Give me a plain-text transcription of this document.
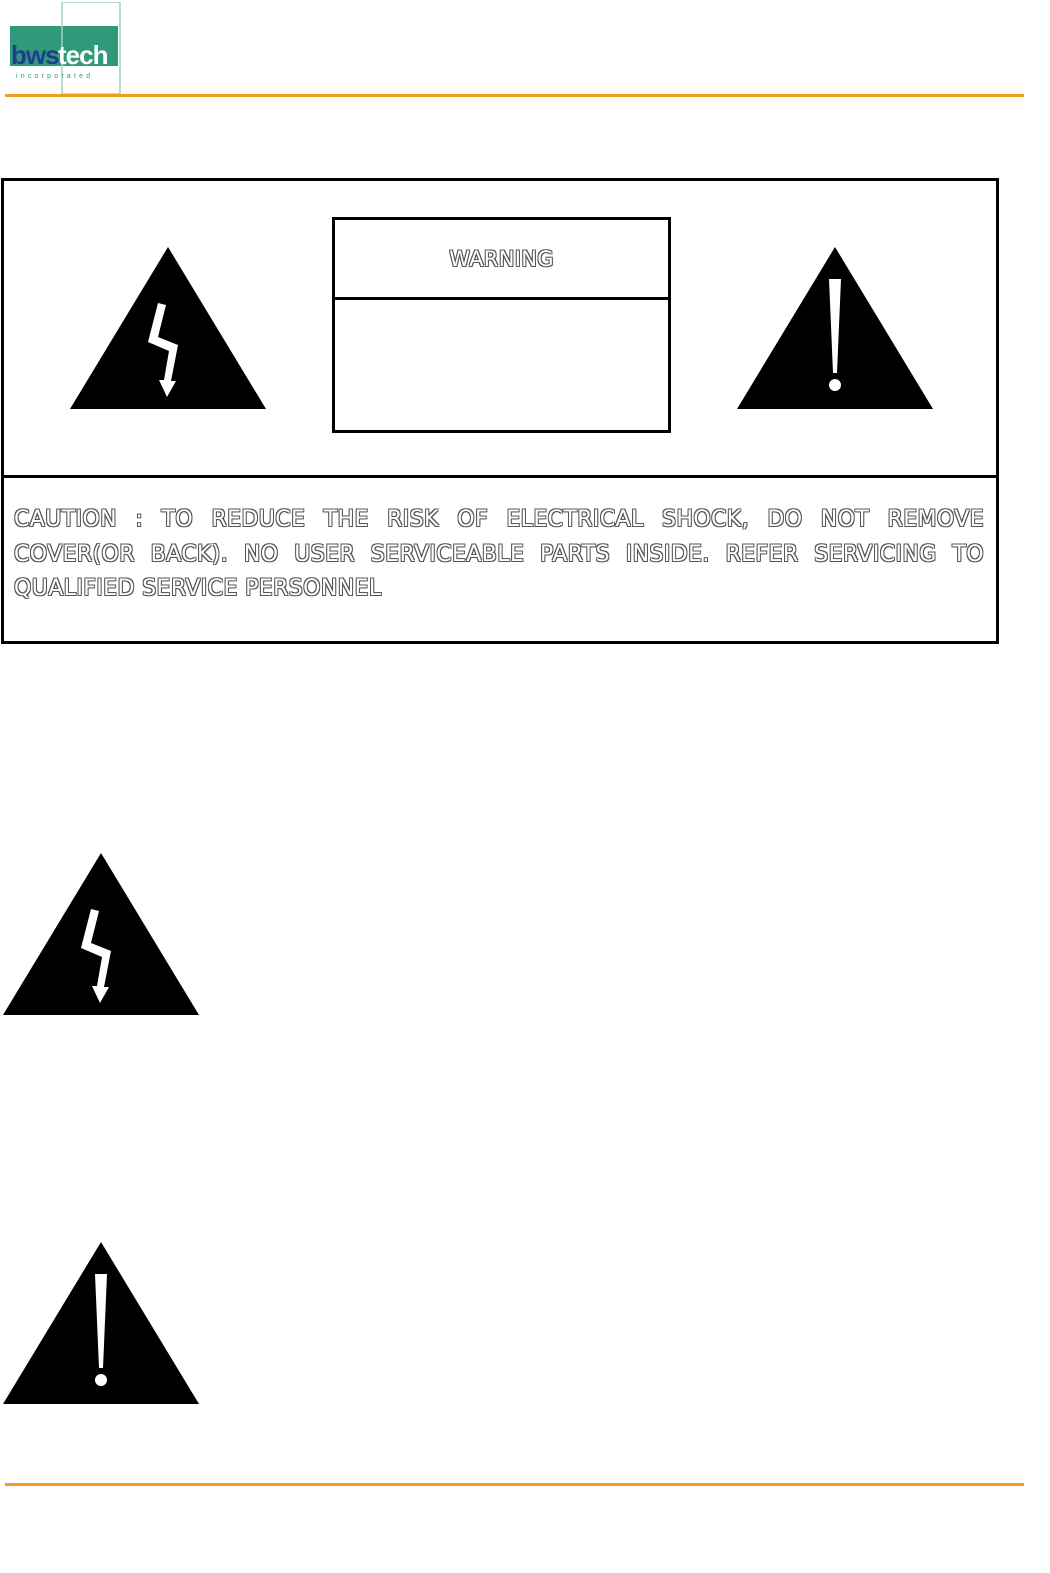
bws tech
incorporated
WARNING
CAUTION : TO REDUCE THE RISK OF ELECTRICAL SHOCK, DO NOT REMOVE COVER(OR BACK). NO USER SERVICEABLE PARTS INSIDE. REFER SERVICING TO QUALIFIED SERVICE PERSONNEL
